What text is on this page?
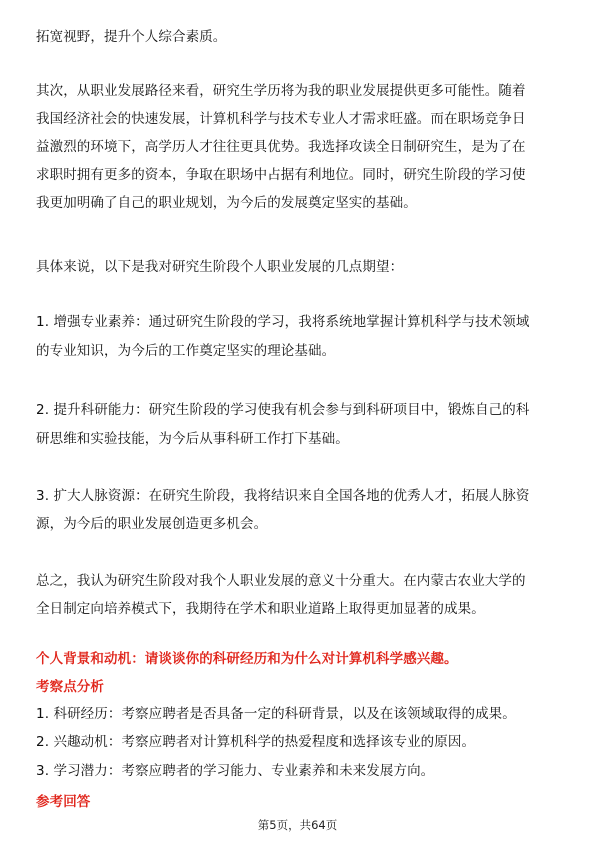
拓宽视野，提升个人综合素质。
其次，从职业发展路径来看，研究生学历将为我的职业发展提供更多可能性。随着
我国经济社会的快速发展，计算机科学与技术专业人才需求旺盛。而在职场竞争日
益激烈的环境下，高学历人才往往更具优势。我选择攻读全日制研究生，是为了在
求职时拥有更多的资本，争取在职场中占据有利地位。同时，研究生阶段的学习使
我更加明确了自己的职业规划，为今后的发展奠定坚实的基础。
具体来说，以下是我对研究生阶段个人职业发展的几点期望：
1. 增强专业素养：通过研究生阶段的学习，我将系统地掌握计算机科学与技术领域
的专业知识，为今后的工作奠定坚实的理论基础。
2. 提升科研能力：研究生阶段的学习使我有机会参与到科研项目中，锻炼自己的科
研思维和实验技能，为今后从事科研工作打下基础。
3. 扩大人脉资源：在研究生阶段，我将结识来自全国各地的优秀人才，拓展人脉资
源，为今后的职业发展创造更多机会。
总之，我认为研究生阶段对我个人职业发展的意义十分重大。在内蒙古农业大学的
全日制定向培养模式下，我期待在学术和职业道路上取得更加显著的成果。
个人背景和动机：请谈谈你的科研经历和为什么对计算机科学感兴趣。
考察点分析
1. 科研经历：考察应聘者是否具备一定的科研背景，以及在该领域取得的成果。
2. 兴趣动机：考察应聘者对计算机科学的热爱程度和选择该专业的原因。
3. 学习潜力：考察应聘者的学习能力、专业素养和未来发展方向。
参考回答
第5页，共64页
